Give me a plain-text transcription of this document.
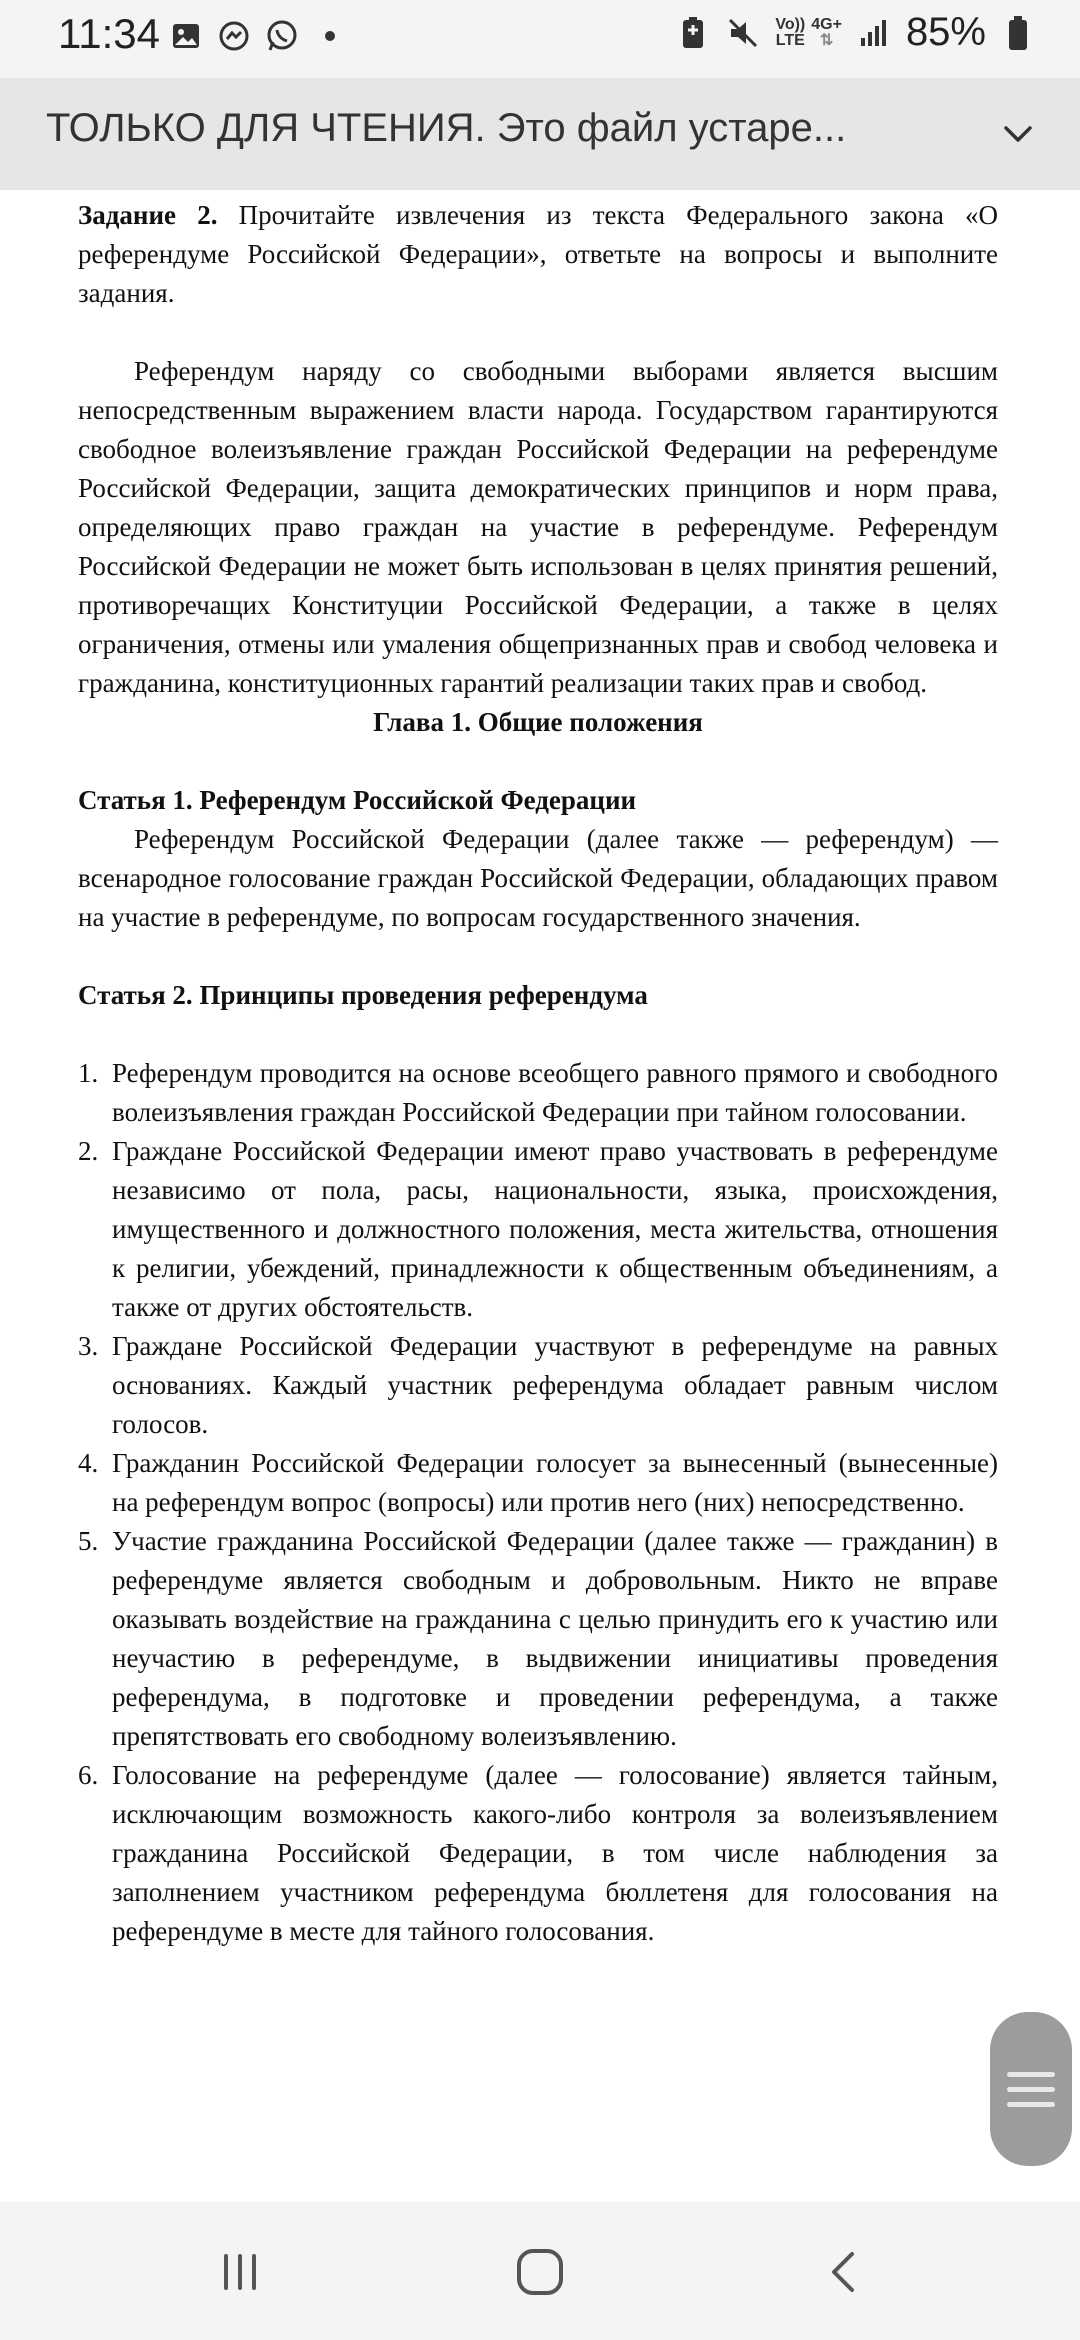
11:34	Vo))
LTE
4G+
⇅ 85%
ТОЛЬКО ДЛЯ ЧТЕНИЯ. Это файл устаре...

Задание 2. Прочитайте извлечения из текста Федерального закона «О референдуме Российской Федерации», ответьте на вопросы и выполните задания.

Референдум наряду со свободными выборами является высшим непосредственным выражением власти народа. Государством гарантируются свободное волеизъявление граждан Российской Федерации на референдуме Российской Федерации, защита демократических принципов и норм права, определяющих право граждан на участие в референдуме. Референдум Российской Федерации не может быть использован в целях принятия решений, противоречащих Конституции Российской Федерации, а также в целях ограничения, отмены или умаления общепризнанных прав и свобод человека и гражданина, конституционных гарантий реализации таких прав и свобод.

Глава 1. Общие положения

Статья 1. Референдум Российской Федерации

Референдум Российской Федерации (далее также — референдум) — всенародное голосование граждан Российской Федерации, обладающих правом на участие в референдуме, по вопросам государственного значения.

Статья 2. Принципы проведения референдума

1. Референдум проводится на основе всеобщего равного прямого и свободного волеизъявления граждан Российской Федерации при тайном голосовании.
2. Граждане Российской Федерации имеют право участвовать в референдуме независимо от пола, расы, национальности, языка, происхождения, имущественного и должностного положения, места жительства, отношения к религии, убеждений, принадлежности к общественным объединениям, а также от других обстоятельств.
3. Граждане Российской Федерации участвуют в референдуме на равных основаниях. Каждый участник референдума обладает равным числом голосов.
4. Гражданин Российской Федерации голосует за вынесенный (вынесенные) на референдум вопрос (вопросы) или против него (них) непосредственно.
5. Участие гражданина Российской Федерации (далее также — гражданин) в референдуме является свободным и добровольным. Никто не вправе оказывать воздействие на гражданина с целью принудить его к участию или неучастию в референдуме, в выдвижении инициативы проведения референдума, в подготовке и проведении референдума, а также препятствовать его свободному волеизъявлению.
6. Голосование на референдуме (далее — голосование) является тайным, исключающим возможность какого-либо контроля за волеизъявлением гражданина Российской Федерации, в том числе наблюдения за заполнением участником референдума бюллетеня для голосования на референдуме в месте для тайного голосования.
